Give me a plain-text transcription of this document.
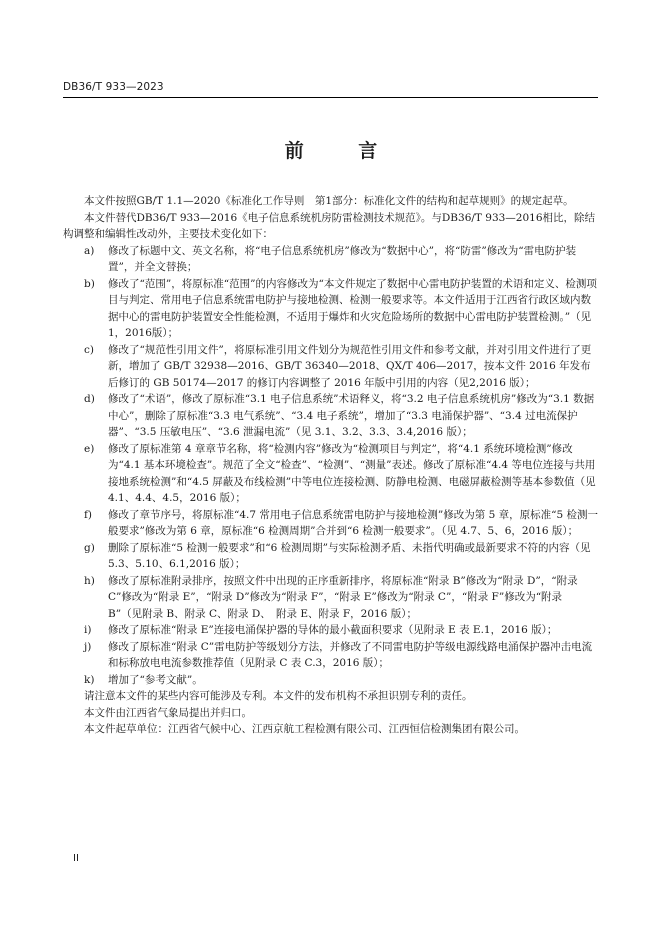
DB36/T 933—2023
前 言

本文件按照GB/T 1.1—2020《标准化工作导则　第1部分：标准化文件的结构和起草规则》的规定起草。

本文件替代DB36/T 933—2016《电子信息系统机房防雷检测技术规范》。与DB36/T 933—2016相比，除结构调整和编辑性改动外，主要技术变化如下：

a) 修改了标题中文、英文名称，将“电子信息系统机房”修改为“数据中心”，将“防雷”修改为“雷电防护装置”，并全文替换；
b) 修改了“范围”，将原标准“范围”的内容修改为“本文件规定了数据中心雷电防护装置的术语和定义、检测项目与判定、常用电子信息系统雷电防护与接地检测、检测一般要求等。本文件适用于江西省行政区域内数据中心的雷电防护装置安全性能检测，不适用于爆炸和火灾危险场所的数据中心雷电防护装置检测。”（见1，2016版）；
c) 修改了“规范性引用文件”，将原标准引用文件划分为规范性引用文件和参考文献，并对引用文件进行了更新，增加了 GB/T 32938—2016、GB/T 36340—2018、QX/T 406—2017，按本文件 2016 年发布后修订的 GB 50174—2017 的修订内容调整了 2016 年版中引用的内容（见2,2016 版）；
d) 修改了“术语”，修改了原标准“3.1 电子信息系统”术语释义，将“3.2 电子信息系统机房”修改为“3.1 数据中心”，删除了原标准“3.3 电气系统”、“3.4 电子系统”，增加了“3.3 电涌保护器”、“3.4 过电流保护器”、“3.5 压敏电压”、“3.6 泄漏电流”（见 3.1、3.2、3.3、3.4,2016 版）；
e) 修改了原标准第 4 章章节名称，将“检测内容”修改为“检测项目与判定”，将“4.1 系统环境检测”修改为“4.1 基本环境检查”。规范了全文“检查”、“检测”、“测量”表述。修改了原标准“4.4 等电位连接与共用接地系统检测”和“4.5 屏蔽及布线检测”中等电位连接检测、防静电检测、电磁屏蔽检测等基本参数值（见 4.1、4.4、4.5，2016 版）；
f) 修改了章节序号，将原标准“4.7 常用电子信息系统雷电防护与接地检测”修改为第 5 章，原标准“5 检测一般要求”修改为第 6 章，原标准“6 检测周期”合并到“6 检测一般要求”。（见 4.7、5、6，2016 版）；
g) 删除了原标准“5 检测一般要求”和“6 检测周期”与实际检测矛盾、未指代明确或最新要求不符的内容（见 5.3、5.10、6.1,2016 版）；
h) 修改了原标准附录排序，按照文件中出现的正序重新排序，将原标准“附录 B”修改为“附录 D”，“附录 C”修改为“附录 E”，“附录 D”修改为“附录 F”，“附录 E”修改为“附录 C”，“附录 F”修改为“附录 B”（见附录 B、附录 C、附录 D、　附录 E、附录 F，2016 版）；
i) 修改了原标准“附录 E”连接电涌保护器的导体的最小截面积要求（见附录 E 表 E.1，2016 版）；
j) 修改了原标准“附录 C”雷电防护等级划分方法，并修改了不同雷电防护等级电源线路电涌保护器冲击电流和标称放电电流参数推荐值（见附录 C 表 C.3，2016 版）；
k) 增加了“参考文献”。

请注意本文件的某些内容可能涉及专利。本文件的发布机构不承担识别专利的责任。

本文件由江西省气象局提出并归口。

本文件起草单位：江西省气候中心、江西京航工程检测有限公司、江西恒信检测集团有限公司。

II
